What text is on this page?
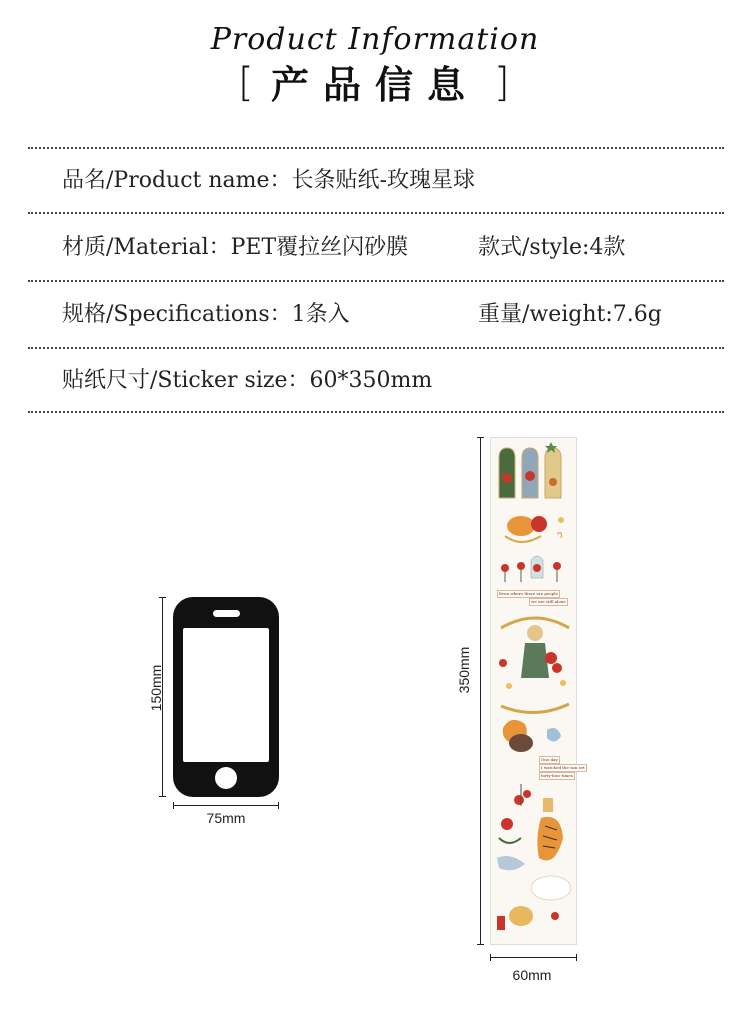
Product Information
[ 产品信息 ]
品名/Product name：长条贴纸-玫瑰星球
材质/Material：PET覆拉丝闪砂膜	款式/style:4款
规格/Specifications：1条入	重量/weight:7.6g
贴纸尺寸/Sticker size：60*350mm
150mm
75mm
Even where there are people
we are still alone
One day
I watched the sun set
forty-four times
350mm
60mm
